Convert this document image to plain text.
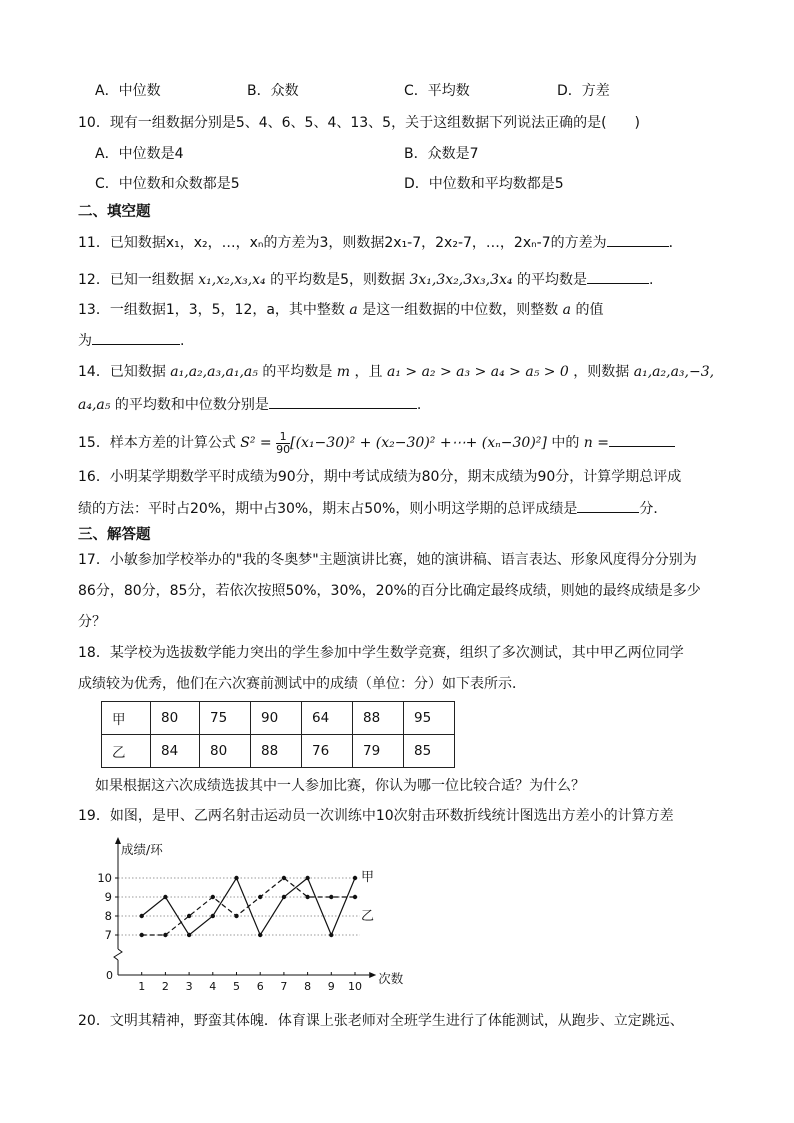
A．中位数	B．众数	C．平均数	D．方差
10．现有一组数据分别是5、4、6、5、4、13、5，关于这组数据下列说法正确的是(　　)
A．中位数是4	B．众数是7
C．中位数和众数都是5	D．中位数和平均数都是5
二、填空题
11．已知数据x₁，x₂，…，xₙ的方差为3，则数据2x₁-7，2x₂-7，…，2xₙ-7的方差为	．
12．已知一组数据 x₁,x₂,x₃,x₄ 的平均数是5，则数据 3x₁,3x₂,3x₃,3x₄ 的平均数是	.
13．一组数据1，3，5，12，a，其中整数 a 是这一组数据的中位数，则整数 a 的值
为	.
14．已知数据 a₁,a₂,a₃,a₁,a₅ 的平均数是 m ，且 a₁ > a₂ > a₃ > a₄ > a₅ > 0 ，则数据 a₁,a₂,a₃,−3,
a₄,a₅ 的平均数和中位数分别是	.
15．样本方差的计算公式 $S^2 = \frac{1}{90} [(x_1-30)^2 + (x_2-30)^2$ +⋯+ (xₙ−30)²] 中的 n =
16．小明某学期数学平时成绩为90分，期中考试成绩为80分，期末成绩为90分，计算学期总评成
绩的方法：平时占20%，期中占30%，期末占50%，则小明这学期的总评成绩是	分．
三、解答题
17．小敏参加学校举办的"我的冬奥梦"主题演讲比赛，她的演讲稿、语言表达、形象风度得分分别为
86分，80分，85分，若依次按照50%，30%，20%的百分比确定最终成绩，则她的最终成绩是多少
分？
18．某学校为选拔数学能力突出的学生参加中学生数学竞赛，组织了多次测试，其中甲乙两位同学
成绩较为优秀，他们在六次赛前测试中的成绩（单位：分）如下表所示．
甲	80	75	90	64	88	95
乙	84	80	88	76	79	85
如果根据这六次成绩选拔其中一人参加比赛，你认为哪一位比较合适？为什么？
19．如图，是甲、乙两名射击运动员一次训练中10次射击环数折线统计图选出方差小的计算方差
成绩/环
次数
0
7
8
9
10
1 2 3 4 5 6 7 8 9 10
甲
乙
20．文明其精神，野蛮其体魄．体育课上张老师对全班学生进行了体能测试，从跑步、立定跳远、
